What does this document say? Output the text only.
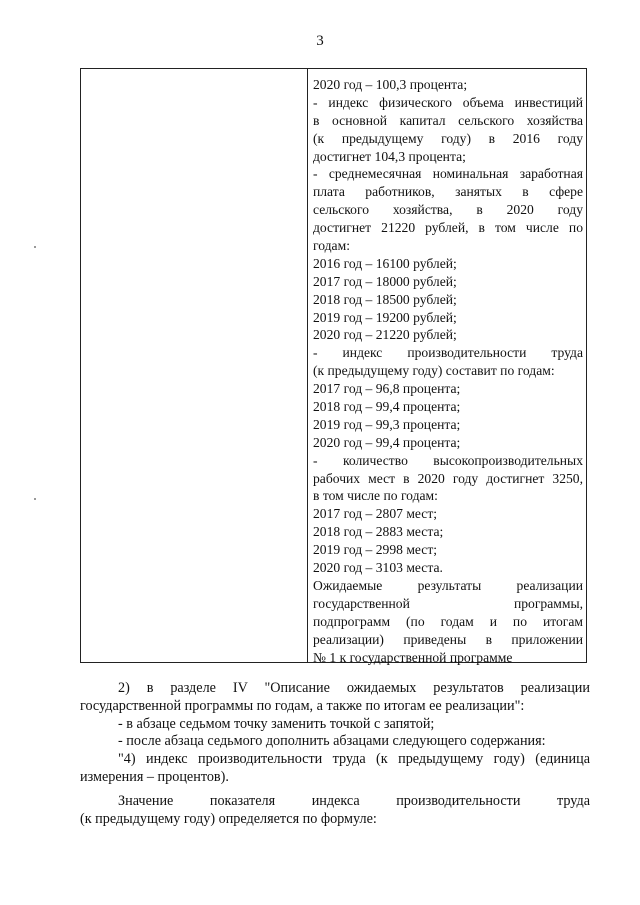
3
2020 год – 100,3 процента;
- индекс физического объема инвестиций
в основной капитал сельского хозяйства
(к предыдущему году) в 2016 году
достигнет 104,3 процента;
- среднемесячная номинальная заработная
плата работников, занятых в сфере
сельского хозяйства, в 2020 году
достигнет 21220 рублей, в том числе по
годам:
2016 год – 16100 рублей;
2017 год – 18000 рублей;
2018 год – 18500 рублей;
2019 год – 19200 рублей;
2020 год – 21220 рублей;
- индекс производительности труда
(к предыдущему году) составит по годам:
2017 год – 96,8 процента;
2018 год – 99,4 процента;
2019 год – 99,3 процента;
2020 год – 99,4 процента;
- количество высокопроизводительных
рабочих мест в 2020 году достигнет 3250,
в том числе по годам:
2017 год – 2807 мест;
2018 год – 2883 места;
2019 год – 2998 мест;
2020 год – 3103 места.
Ожидаемые результаты реализации
государственной программы,
подпрограмм (по годам и по итогам
реализации) приведены в приложении
№ 1 к государственной программе
2) в разделе IV "Описание ожидаемых результатов реализации
государственной программы по годам, а также по итогам ее реализации":
- в абзаце седьмом точку заменить точкой с запятой;
- после абзаца седьмого дополнить абзацами следующего содержания:
"4) индекс производительности труда (к предыдущему году) (единица
измерения – процентов).
Значение показателя индекса производительности труда
(к предыдущему году) определяется по формуле:
